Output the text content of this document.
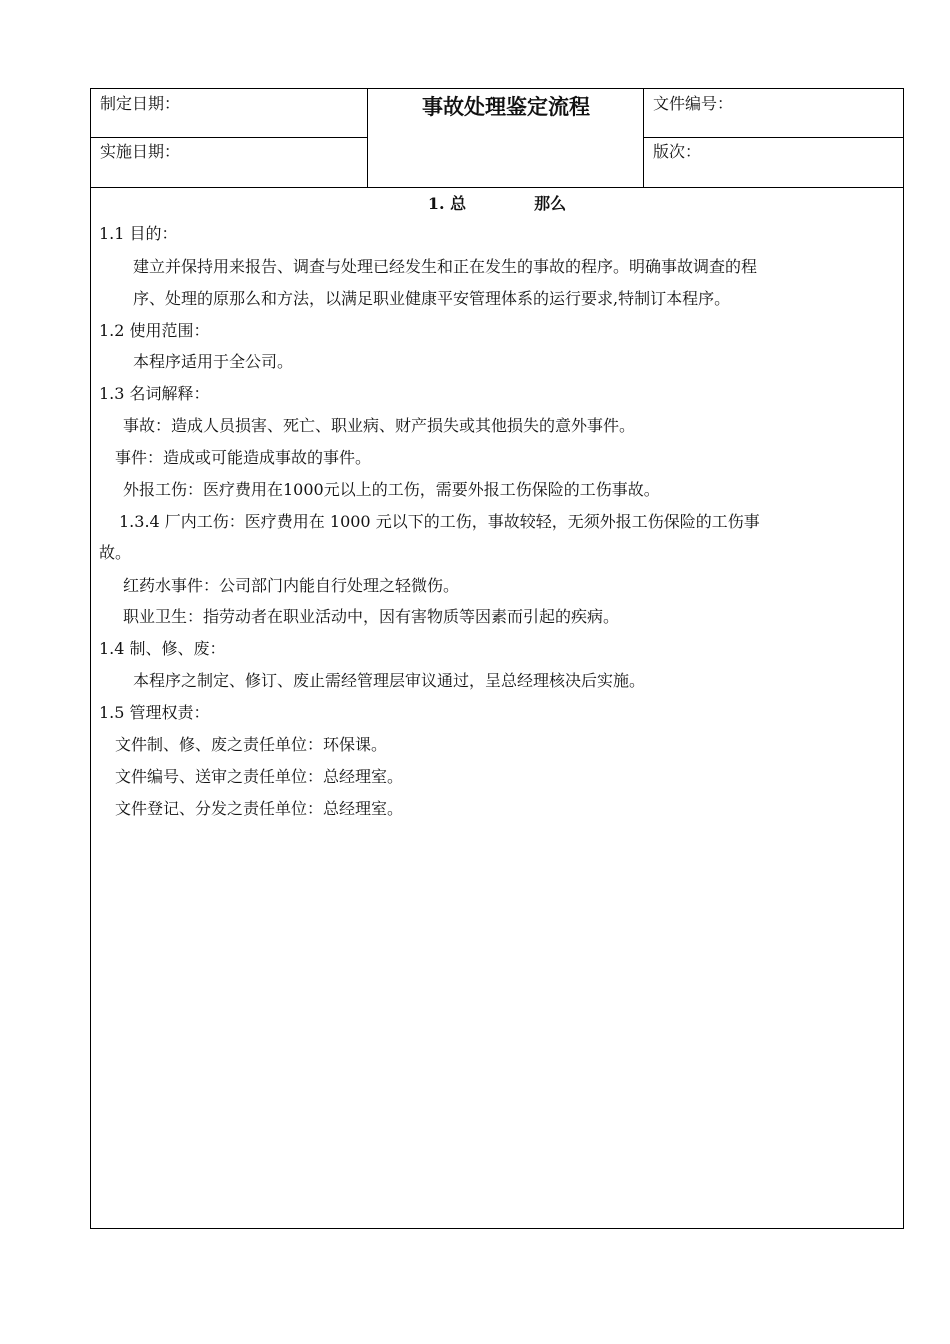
制定日期：
实施日期：
事故处理鉴定流程	文件编号：
版次：
1. 总	那么
1.1 目的：
建立并保持用来报告、调查与处理已经发生和正在发生的事故的程序。明确事故调查的程
序、处理的原那么和方法，以满足职业健康平安管理体系的运行要求,特制订本程序。
1.2 使用范围：
本程序适用于全公司。
1.3 名词解释：
事故：造成人员损害、死亡、职业病、财产损失或其他损失的意外事件。
事件：造成或可能造成事故的事件。
外报工伤：医疗费用在1000元以上的工伤，需要外报工伤保险的工伤事故。
1.3.4 厂内工伤：医疗费用在 1000 元以下的工伤，事故较轻，无须外报工伤保险的工伤事
故。
红药水事件：公司部门内能自行处理之轻微伤。
职业卫生：指劳动者在职业活动中，因有害物质等因素而引起的疾病。
1.4 制、修、废：
本程序之制定、修订、废止需经管理层审议通过，呈总经理核决后实施。
1.5 管理权责：
文件制、修、废之责任单位：环保课。
文件编号、送审之责任单位：总经理室。
文件登记、分发之责任单位：总经理室。
